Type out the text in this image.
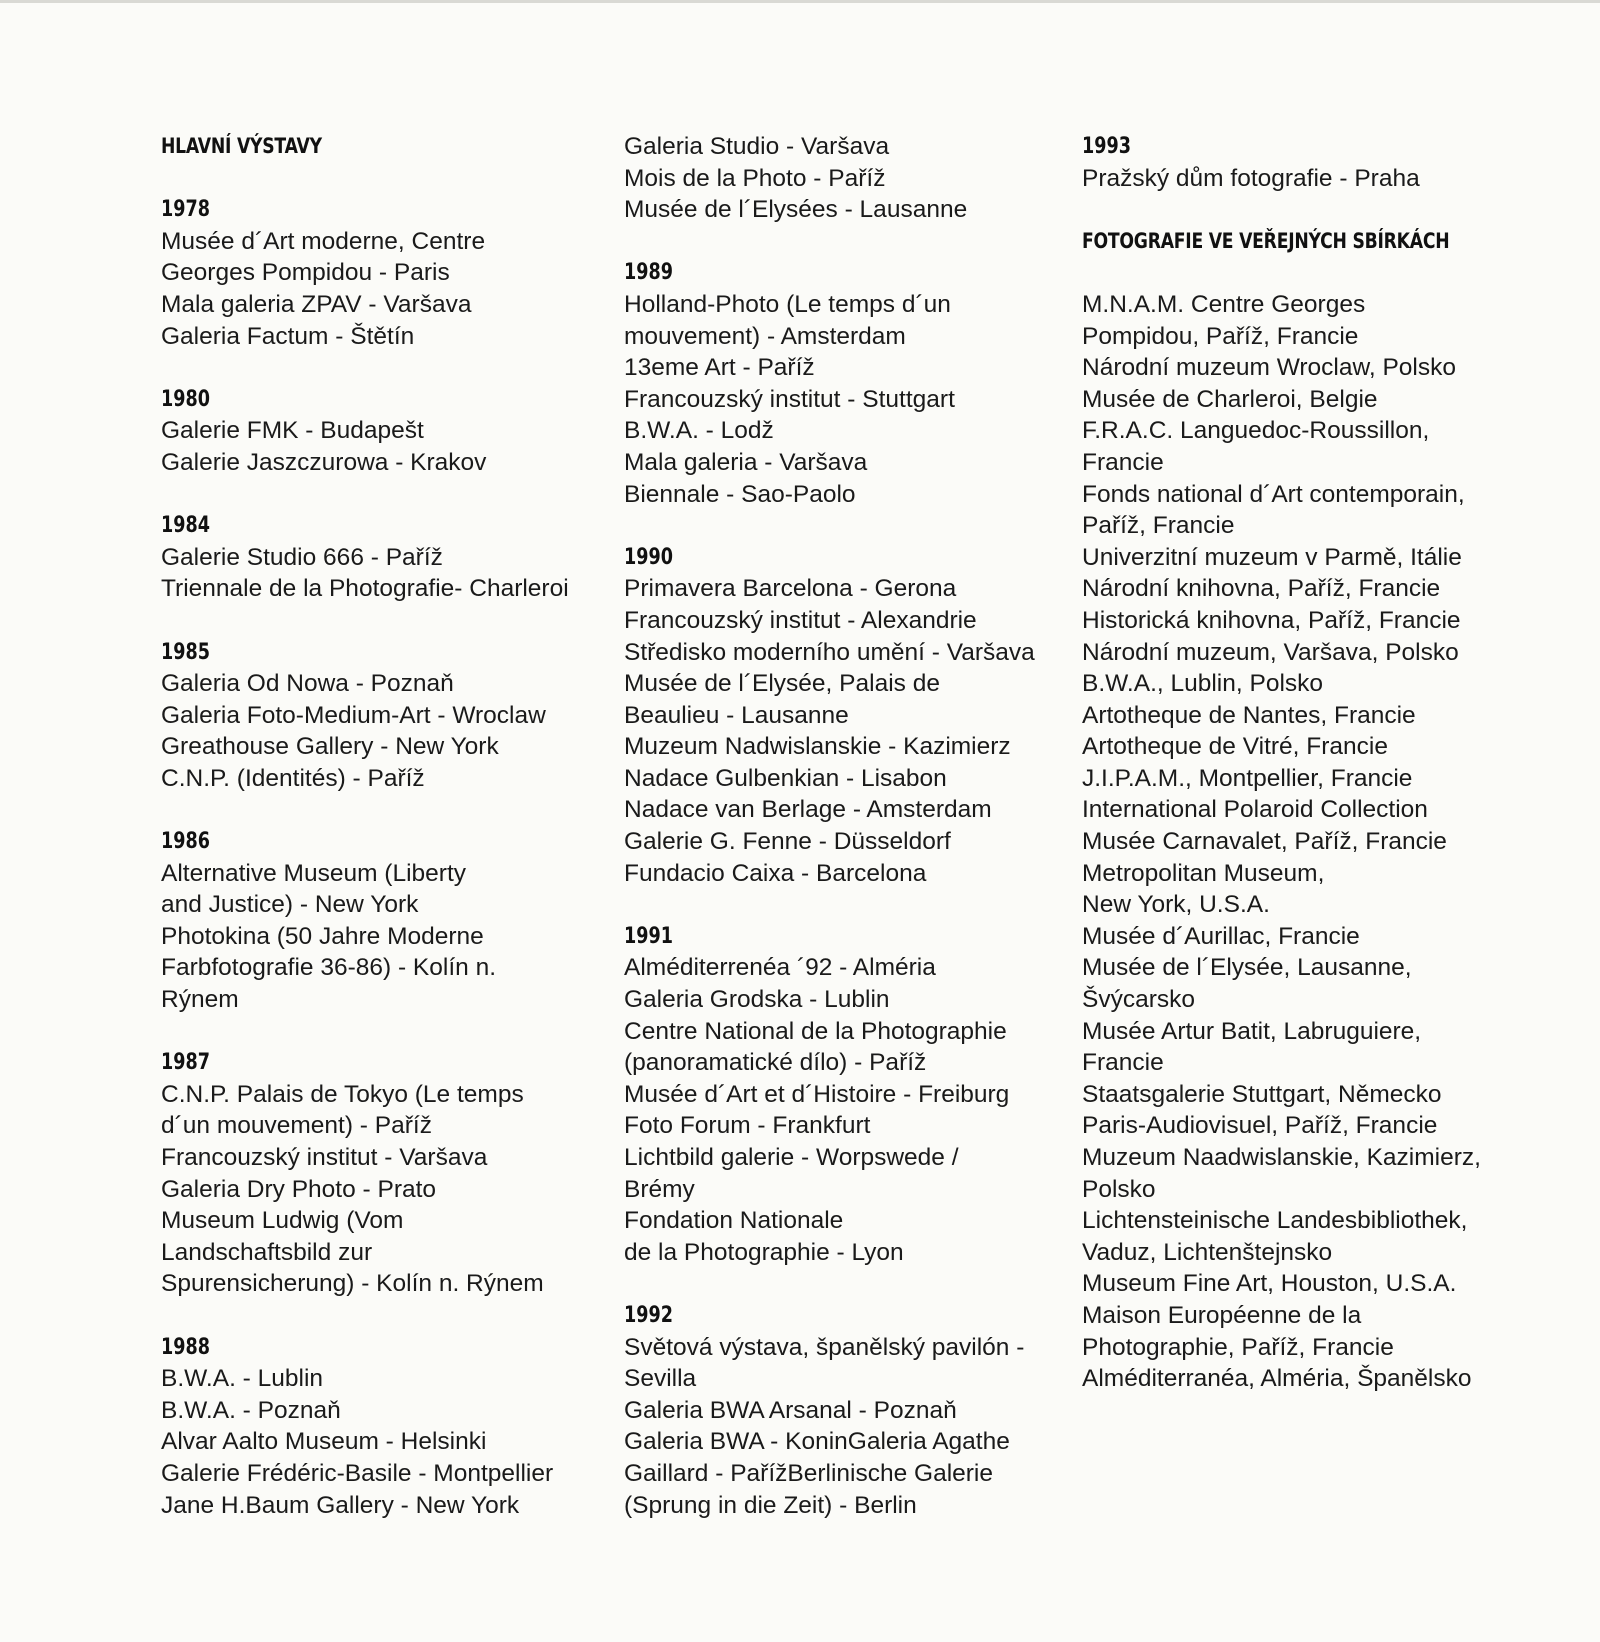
HLAVNÍ VÝSTAVY
1978
Musée d´Art moderne, Centre
Georges Pompidou - Paris
Mala galeria ZPAV - Varšava
Galeria Factum - Štětín
1980
Galerie FMK - Budapešt
Galerie Jaszczurowa - Krakov
1984
Galerie Studio 666 - Paříž
Triennale de la Photografie- Charleroi
1985
Galeria Od Nowa - Poznaň
Galeria Foto-Medium-Art - Wroclaw
Greathouse Gallery - New York
C.N.P. (Identités) - Paříž
1986
Alternative Museum (Liberty
and Justice) - New York
Photokina (50 Jahre Moderne
Farbfotografie 36-86) - Kolín n.
Rýnem
1987
C.N.P. Palais de Tokyo (Le temps
d´un mouvement) - Paříž
Francouzský institut - Varšava
Galeria Dry Photo - Prato
Museum Ludwig (Vom
Landschaftsbild zur
Spurensicherung) - Kolín n. Rýnem
1988
B.W.A. - Lublin
B.W.A. - Poznaň
Alvar Aalto Museum - Helsinki
Galerie Frédéric-Basile - Montpellier
Jane H.Baum Gallery - New York
Galeria Studio - Varšava
Mois de la Photo - Paříž
Musée de l´Elysées - Lausanne
1989
Holland-Photo (Le temps d´un
mouvement) - Amsterdam
13eme Art - Paříž
Francouzský institut - Stuttgart
B.W.A. - Lodž
Mala galeria - Varšava
Biennale - Sao-Paolo
1990
Primavera Barcelona - Gerona
Francouzský institut - Alexandrie
Středisko moderního umění - Varšava
Musée de l´Elysée, Palais de
Beaulieu - Lausanne
Muzeum Nadwislanskie - Kazimierz
Nadace Gulbenkian - Lisabon
Nadace van Berlage - Amsterdam
Galerie G. Fenne - Düsseldorf
Fundacio Caixa - Barcelona
1991
Alméditerrenéa ´92 - Alméria
Galeria Grodska - Lublin
Centre National de la Photographie
(panoramatické dílo) - Paříž
Musée d´Art et d´Histoire - Freiburg
Foto Forum - Frankfurt
Lichtbild galerie - Worpswede /
Brémy
Fondation Nationale
de la Photographie - Lyon
1992
Světová výstava, španělský pavilón -
Sevilla
Galeria BWA Arsanal - Poznaň
Galeria BWA - KoninGaleria Agathe
Gaillard - PařížBerlinische Galerie
(Sprung in die Zeit) - Berlin
1993
Pražský dům fotografie - Praha
FOTOGRAFIE VE VEŘEJNÝCH SBÍRKÁCH
M.N.A.M. Centre Georges
Pompidou, Paříž, Francie
Národní muzeum Wroclaw, Polsko
Musée de Charleroi, Belgie
F.R.A.C. Languedoc-Roussillon,
Francie
Fonds national d´Art contemporain,
Paříž, Francie
Univerzitní muzeum v Parmě, Itálie
Národní knihovna, Paříž, Francie
Historická knihovna, Paříž, Francie
Národní muzeum, Varšava, Polsko
B.W.A., Lublin, Polsko
Artotheque de Nantes, Francie
Artotheque de Vitré, Francie
J.I.P.A.M., Montpellier, Francie
International Polaroid Collection
Musée Carnavalet, Paříž, Francie
Metropolitan Museum,
New York, U.S.A.
Musée d´Aurillac, Francie
Musée de l´Elysée, Lausanne,
Švýcarsko
Musée Artur Batit, Labruguiere,
Francie
Staatsgalerie Stuttgart, Německo
Paris-Audiovisuel, Paříž, Francie
Muzeum Naadwislanskie, Kazimierz,
Polsko
Lichtensteinische Landesbibliothek,
Vaduz, Lichtenštejnsko
Museum Fine Art, Houston, U.S.A.
Maison Européenne de la
Photographie, Paříž, Francie
Alméditerranéa, Alméria, Španělsko
